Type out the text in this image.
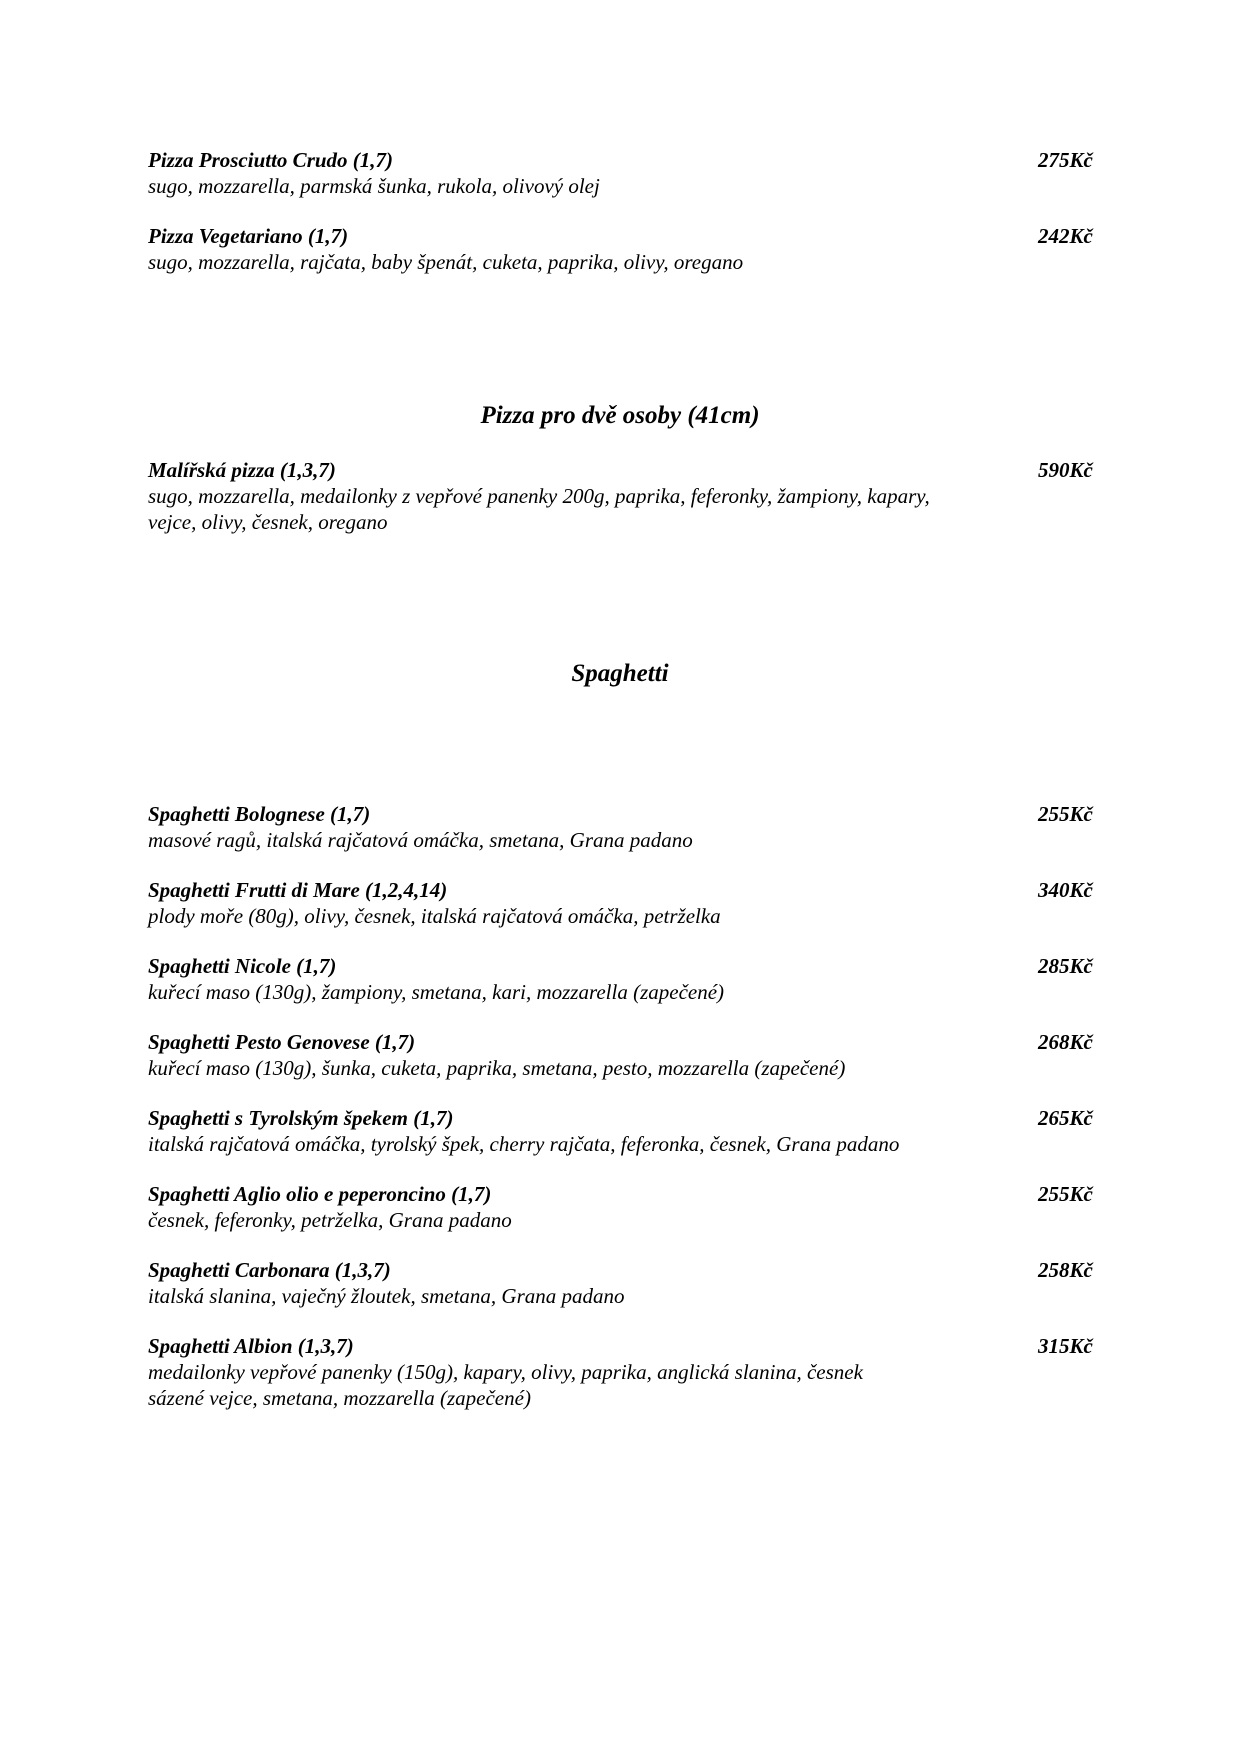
Pizza Prosciutto Crudo (1,7)	275Kč
sugo, mozzarella, parmská šunka, rukola, olivový olej
Pizza Vegetariano (1,7)	242Kč
sugo, mozzarella, rajčata, baby špenát, cuketa, paprika, olivy, oregano
Pizza pro dvě osoby (41cm)
Malířská pizza (1,3,7)	590Kč
sugo, mozzarella, medailonky z vepřové panenky 200g, paprika, feferonky, žampiony, kapary,
vejce, olivy, česnek, oregano
Spaghetti
Spaghetti Bolognese (1,7)	255Kč
masové ragů, italská rajčatová omáčka, smetana, Grana padano
Spaghetti Frutti di Mare (1,2,4,14)	340Kč
plody moře (80g), olivy, česnek, italská rajčatová omáčka, petrželka
Spaghetti Nicole (1,7)	285Kč
kuřecí maso (130g), žampiony, smetana, kari, mozzarella (zapečené)
Spaghetti Pesto Genovese (1,7)	268Kč
kuřecí maso (130g), šunka, cuketa, paprika, smetana, pesto, mozzarella (zapečené)
Spaghetti s Tyrolským špekem (1,7)	265Kč
italská rajčatová omáčka, tyrolský špek, cherry rajčata, feferonka, česnek, Grana padano
Spaghetti Aglio olio e peperoncino (1,7)	255Kč
česnek, feferonky, petrželka, Grana padano
Spaghetti Carbonara (1,3,7)	258Kč
italská slanina, vaječný žloutek, smetana, Grana padano
Spaghetti Albion (1,3,7)	315Kč
medailonky vepřové panenky (150g), kapary, olivy, paprika, anglická slanina, česnek
sázené vejce, smetana, mozzarella (zapečené)
